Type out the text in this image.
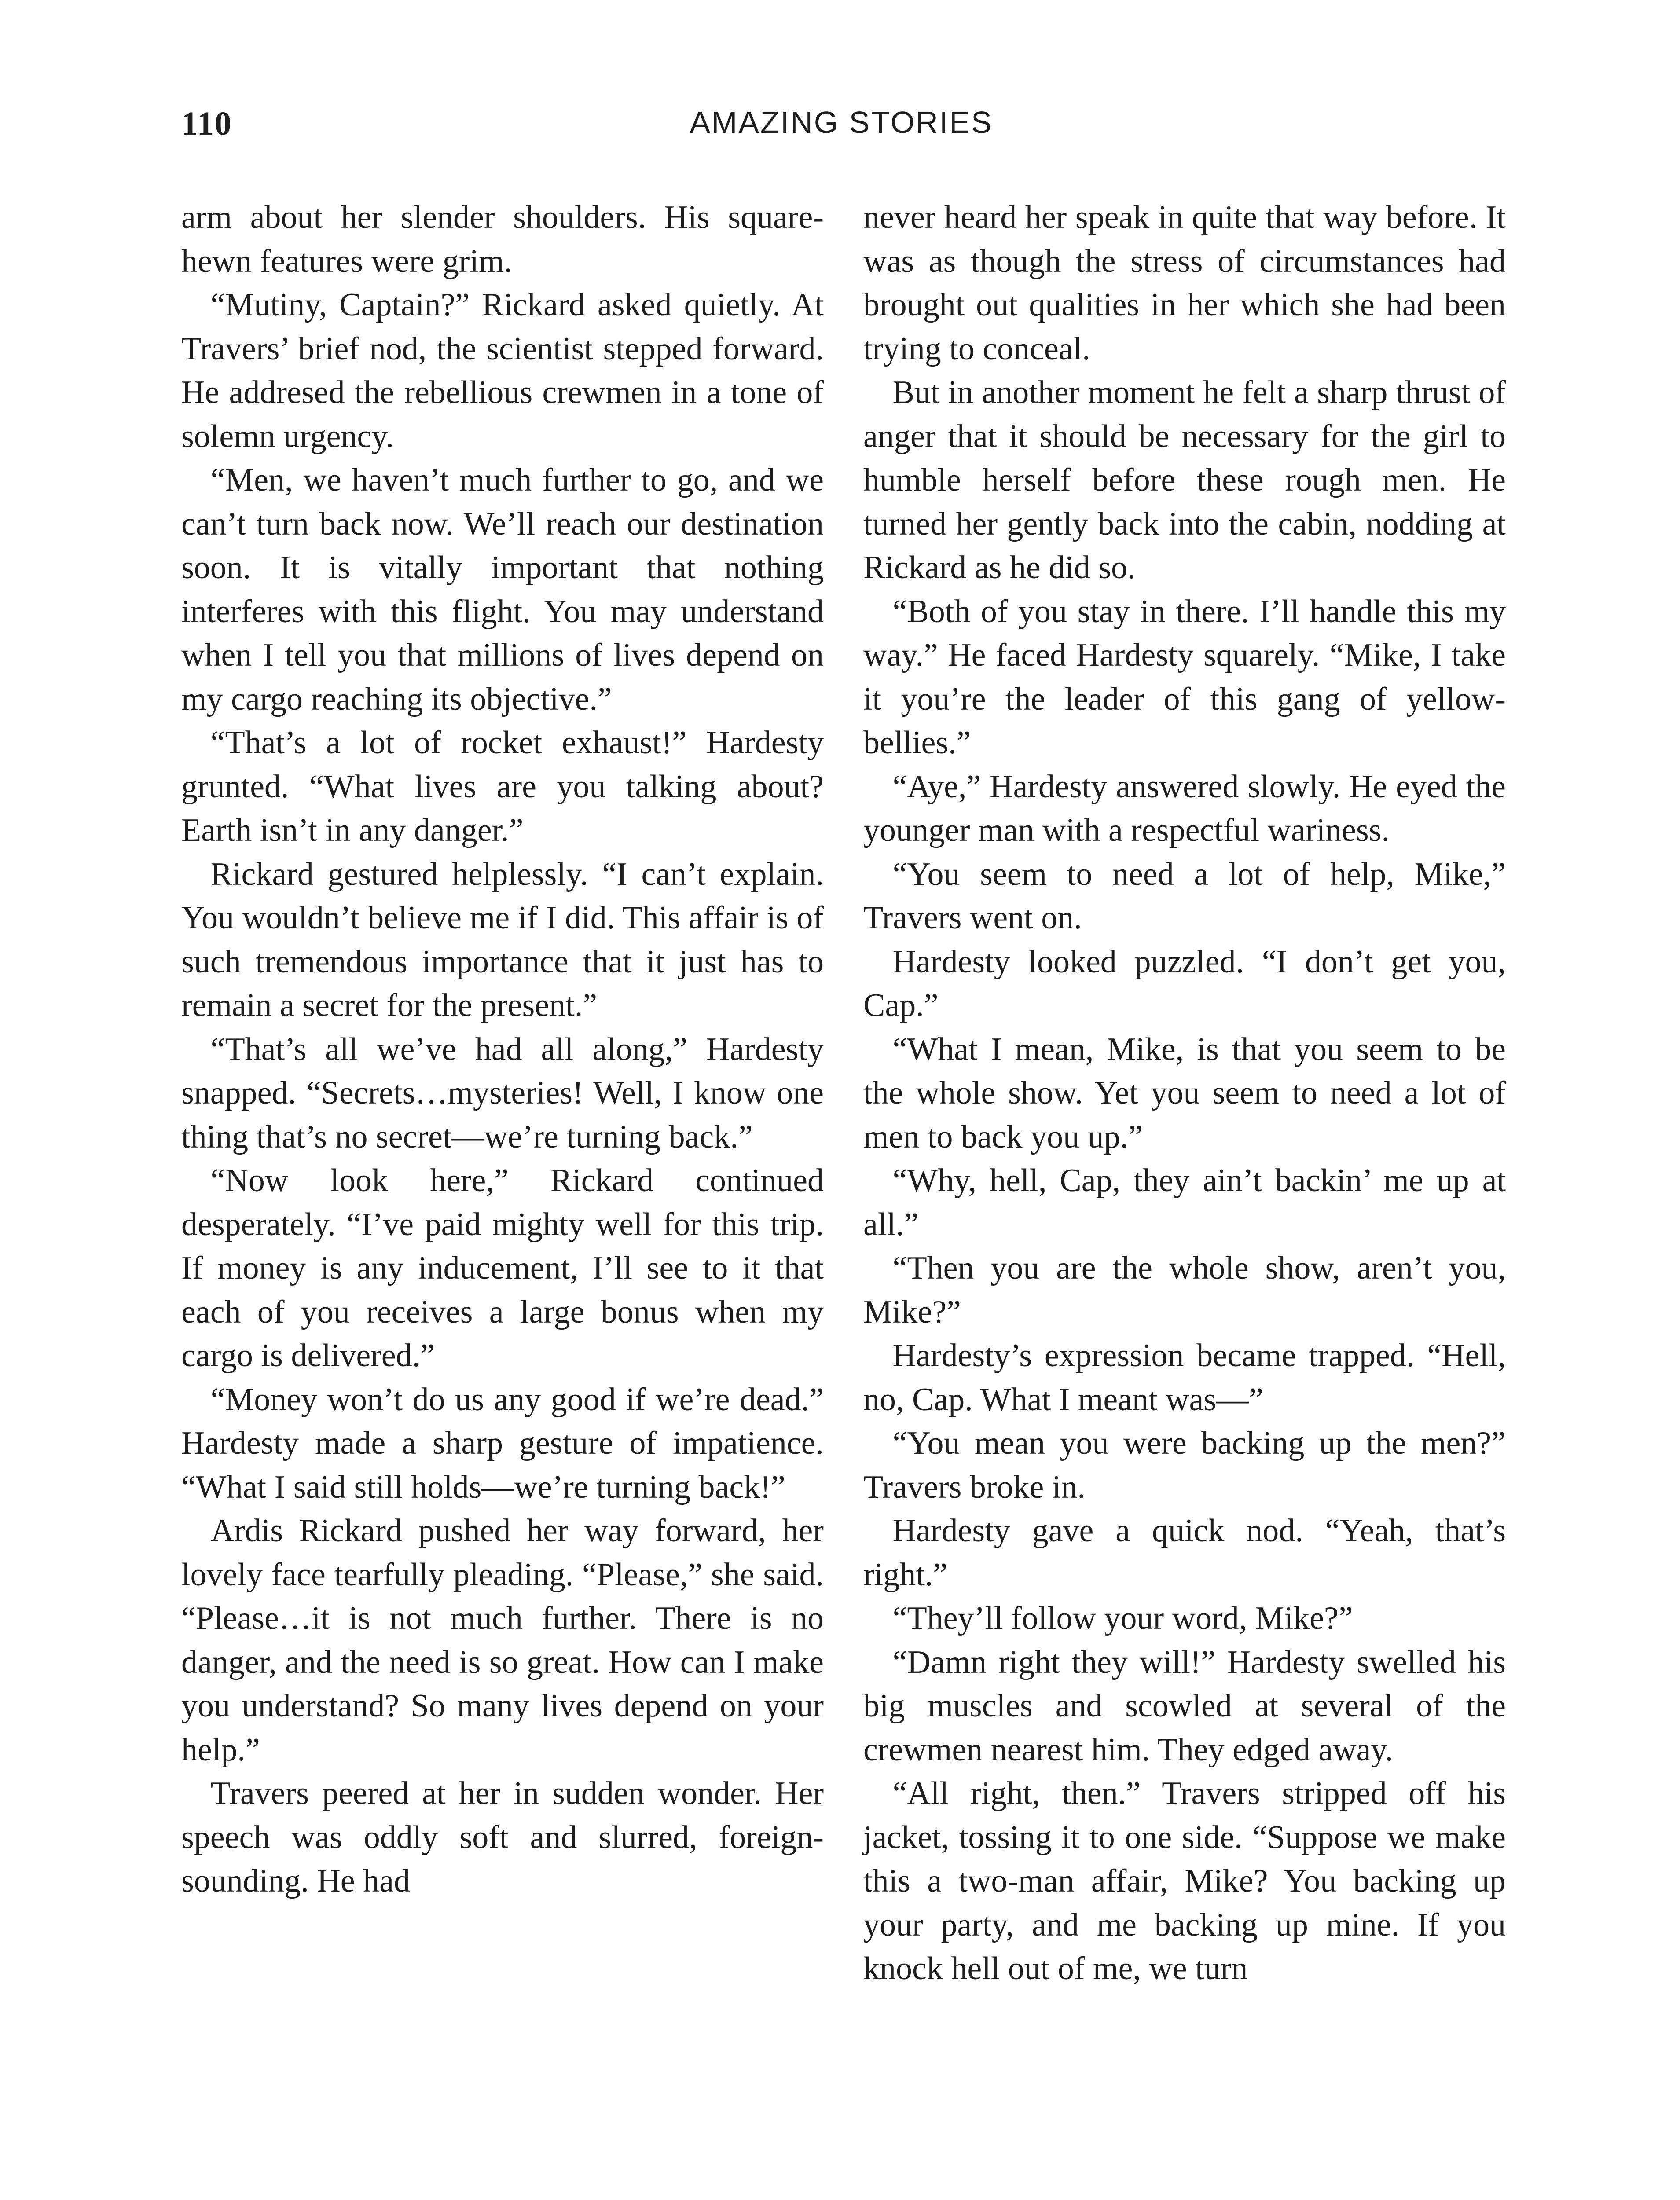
110	AMAZING STORIES

arm about her slender shoulders. His square-hewn features were grim.

“Mutiny, Captain?” Rickard asked quietly. At Travers’ brief nod, the scientist stepped forward. He addresed the rebellious crewmen in a tone of solemn urgency.

“Men, we haven’t much further to go, and we can’t turn back now. We’ll reach our destination soon. It is vitally important that nothing interferes with this flight. You may understand when I tell you that millions of lives depend on my cargo reaching its objective.”

“That’s a lot of rocket exhaust!” Hardesty grunted. “What lives are you talking about? Earth isn’t in any danger.”

Rickard gestured helplessly. “I can’t explain. You wouldn’t believe me if I did. This affair is of such tremendous importance that it just has to remain a secret for the present.”

“That’s all we’ve had all along,” Hardesty snapped. “Secrets…mysteries! Well, I know one thing that’s no secret—we’re turning back.”

“Now look here,” Rickard continued desperately. “I’ve paid mighty well for this trip. If money is any inducement, I’ll see to it that each of you receives a large bonus when my cargo is delivered.”

“Money won’t do us any good if we’re dead.” Hardesty made a sharp gesture of impatience. “What I said still holds—we’re turning back!”

Ardis Rickard pushed her way forward, her lovely face tearfully pleading. “Please,” she said. “Please…it is not much further. There is no danger, and the need is so great. How can I make you understand? So many lives depend on your help.”

Travers peered at her in sudden wonder. Her speech was oddly soft and slurred, foreign-sounding. He had

never heard her speak in quite that way before. It was as though the stress of circumstances had brought out qualities in her which she had been trying to conceal.

But in another moment he felt a sharp thrust of anger that it should be necessary for the girl to humble herself before these rough men. He turned her gently back into the cabin, nodding at Rickard as he did so.

“Both of you stay in there. I’ll handle this my way.” He faced Hardesty squarely. “Mike, I take it you’re the leader of this gang of yellow-bellies.”

“Aye,” Hardesty answered slowly. He eyed the younger man with a respectful wariness.

“You seem to need a lot of help, Mike,” Travers went on.

Hardesty looked puzzled. “I don’t get you, Cap.”

“What I mean, Mike, is that you seem to be the whole show. Yet you seem to need a lot of men to back you up.”

“Why, hell, Cap, they ain’t backin’ me up at all.”

“Then you are the whole show, aren’t you, Mike?”

Hardesty’s expression became trapped. “Hell, no, Cap. What I meant was—”

“You mean you were backing up the men?” Travers broke in.

Hardesty gave a quick nod. “Yeah, that’s right.”

“They’ll follow your word, Mike?”

“Damn right they will!” Hardesty swelled his big muscles and scowled at several of the crewmen nearest him. They edged away.

“All right, then.” Travers stripped off his jacket, tossing it to one side. “Suppose we make this a two-man affair, Mike? You backing up your party, and me backing up mine. If you knock hell out of me, we turn
